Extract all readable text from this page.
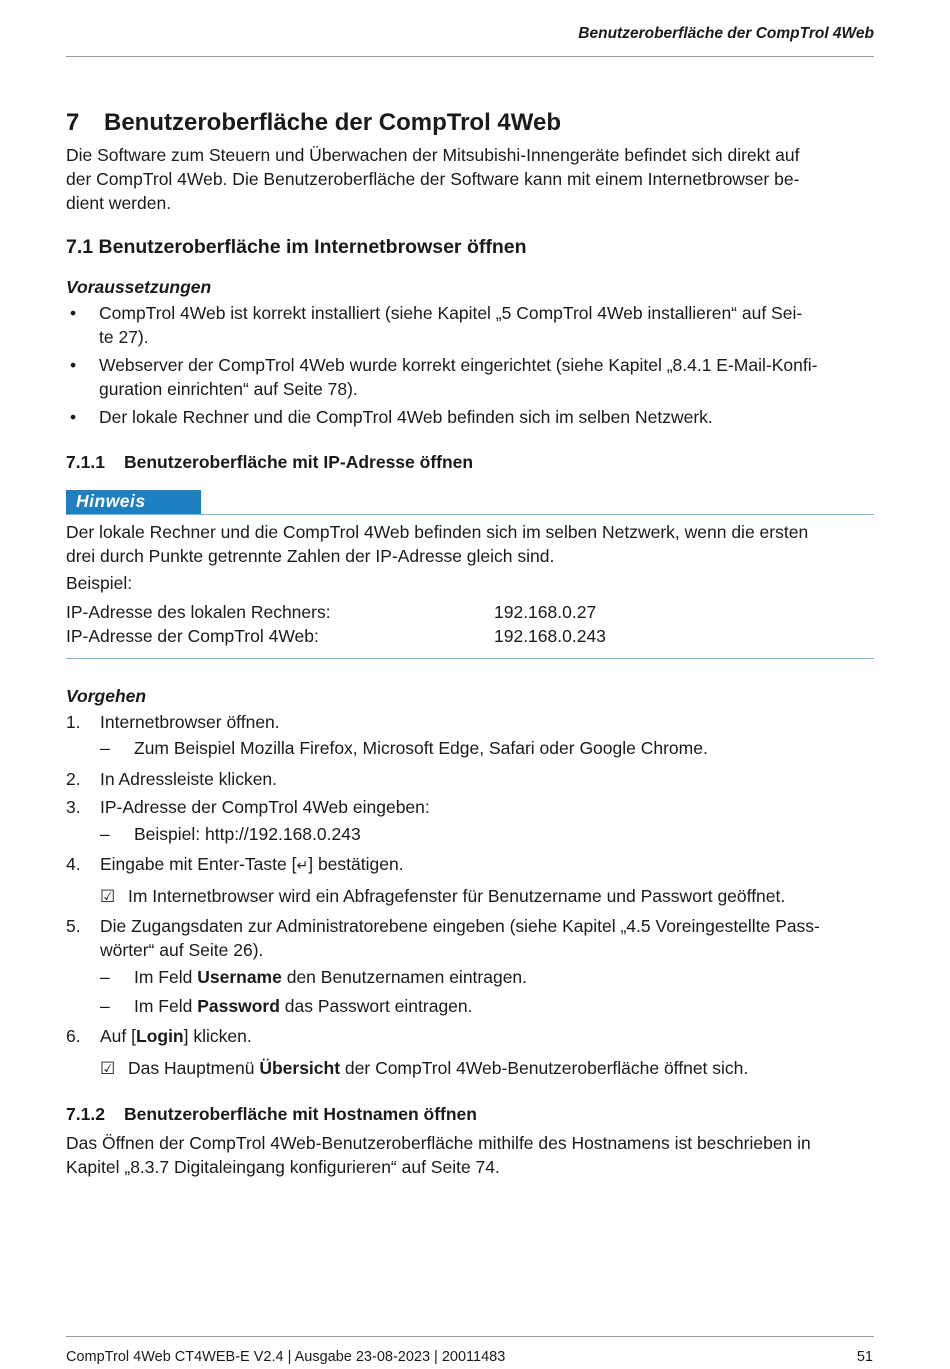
Benutzeroberfläche der CompTrol 4Web
7 Benutzeroberfläche der CompTrol 4Web
Die Software zum Steuern und Überwachen der Mitsubishi-Innengeräte befindet sich direkt auf
der CompTrol 4Web. Die Benutzeroberfläche der Software kann mit einem Internetbrowser be-
dient werden.
7.1 Benutzeroberfläche im Internetbrowser öffnen
Voraussetzungen
• CompTrol 4Web ist korrekt installiert (siehe Kapitel „5 CompTrol 4Web installieren“ auf Sei-
te 27).
• Webserver der CompTrol 4Web wurde korrekt eingerichtet (siehe Kapitel „8.4.1 E-Mail-Konfi-
guration einrichten“ auf Seite 78).
• Der lokale Rechner und die CompTrol 4Web befinden sich im selben Netzwerk.
7.1.1 Benutzeroberfläche mit IP-Adresse öffnen
Hinweis
Der lokale Rechner und die CompTrol 4Web befinden sich im selben Netzwerk, wenn die ersten
drei durch Punkte getrennte Zahlen der IP-Adresse gleich sind.
Beispiel:
IP-Adresse des lokalen Rechners:	192.168.0.27
IP-Adresse der CompTrol 4Web:	192.168.0.243
Vorgehen
1. Internetbrowser öffnen.
– Zum Beispiel Mozilla Firefox, Microsoft Edge, Safari oder Google Chrome.
2. In Adressleiste klicken.
3. IP-Adresse der CompTrol 4Web eingeben:
– Beispiel: http://192.168.0.243
4. Eingabe mit Enter-Taste [↵] bestätigen.
☑ Im Internetbrowser wird ein Abfragefenster für Benutzername und Passwort geöffnet.
5. Die Zugangsdaten zur Administratorebene eingeben (siehe Kapitel „4.5 Voreingestellte Pass-
wörter“ auf Seite 26).
– Im Feld Username den Benutzernamen eintragen.
– Im Feld Password das Passwort eintragen.
6. Auf [Login] klicken.
☑ Das Hauptmenü Übersicht der CompTrol 4Web-Benutzeroberfläche öffnet sich.
7.1.2 Benutzeroberfläche mit Hostnamen öffnen
Das Öffnen der CompTrol 4Web-Benutzeroberfläche mithilfe des Hostnamens ist beschrieben in
Kapitel „8.3.7 Digitaleingang konfigurieren“ auf Seite 74.
CompTrol 4Web CT4WEB-E V2.4 | Ausgabe 23-08-2023 | 20011483	51
